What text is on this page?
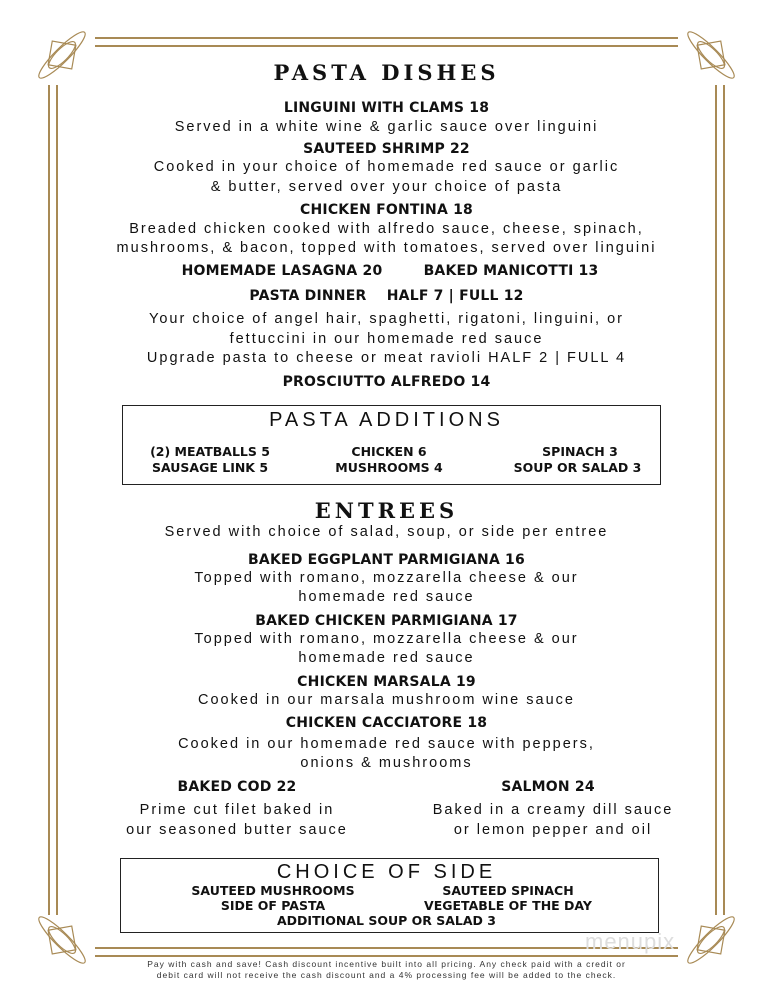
PASTA DISHES
LINGUINI WITH CLAMS 18
Served in a white wine & garlic sauce over linguini
SAUTEED SHRIMP 22
Cooked in your choice of homemade red sauce or garlic
& butter, served over your choice of pasta
CHICKEN FONTINA 18
Breaded chicken cooked with alfredo sauce, cheese, spinach,
mushrooms, & bacon, topped with tomatoes, served over linguini
HOMEMADE LASAGNA 20	BAKED MANICOTTI 13
PASTA DINNER    HALF 7 | FULL 12
Your choice of angel hair, spaghetti, rigatoni, linguini, or
fettuccini in our homemade red sauce
Upgrade pasta to cheese or meat ravioli HALF 2 | FULL 4
PROSCIUTTO ALFREDO 14
PASTA ADDITIONS
(2) MEATBALLS 5	CHICKEN 6	SPINACH 3
SAUSAGE LINK 5	MUSHROOMS 4	SOUP OR SALAD 3
ENTREES
Served with choice of salad, soup, or side per entree
BAKED EGGPLANT PARMIGIANA 16
Topped with romano, mozzarella cheese & our
homemade red sauce
BAKED CHICKEN PARMIGIANA 17
Topped with romano, mozzarella cheese & our
homemade red sauce
CHICKEN MARSALA 19
Cooked in our marsala mushroom wine sauce
CHICKEN CACCIATORE 18
Cooked in our homemade red sauce with peppers,
onions & mushrooms
BAKED COD 22
Prime cut filet baked in
our seasoned butter sauce
SALMON 24
Baked in a creamy dill sauce
or lemon pepper and oil
CHOICE OF SIDE
SAUTEED MUSHROOMS	SAUTEED SPINACH
SIDE OF PASTA	VEGETABLE OF THE DAY
ADDITIONAL SOUP OR SALAD 3
menupix
Pay with cash and save! Cash discount incentive built into all pricing. Any check paid with a credit or
debit card will not receive the cash discount and a 4% processing fee will be added to the check.
